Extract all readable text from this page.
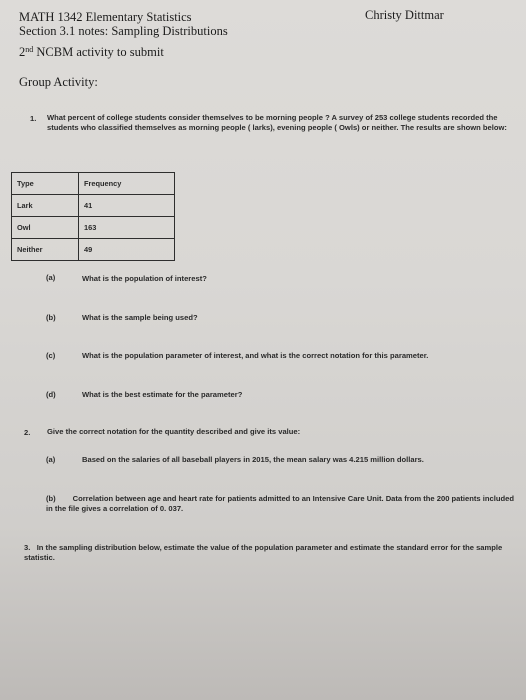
MATH 1342 Elementary Statistics	Christy Dittmar
Section 3.1 notes: Sampling Distributions
2nd NCBM activity to submit
Group Activity:
1. What percent of college students consider themselves to be morning people ? A survey of 253 college students recorded the students who classified themselves as morning people ( larks), evening people ( Owls) or neither. The results are shown below:
Type	Frequency
Lark	41
Owl	163
Neither	49
(a)	What is the population of interest?
(b)	What is the sample being used?
(c)	What is the population parameter of interest, and what is the correct notation for this parameter.
(d)	What is the best estimate for the parameter?
2. Give the correct notation for the quantity described and give its value:
(a)	Based on the salaries of all baseball players in 2015, the mean salary was 4.215 million dollars.
(b) Correlation between age and heart rate for patients admitted to an Intensive Care Unit. Data from the 200 patients included in the file gives a correlation of 0. 037.
3. In the sampling distribution below, estimate the value of the population parameter and estimate the standard error for the sample statistic.
